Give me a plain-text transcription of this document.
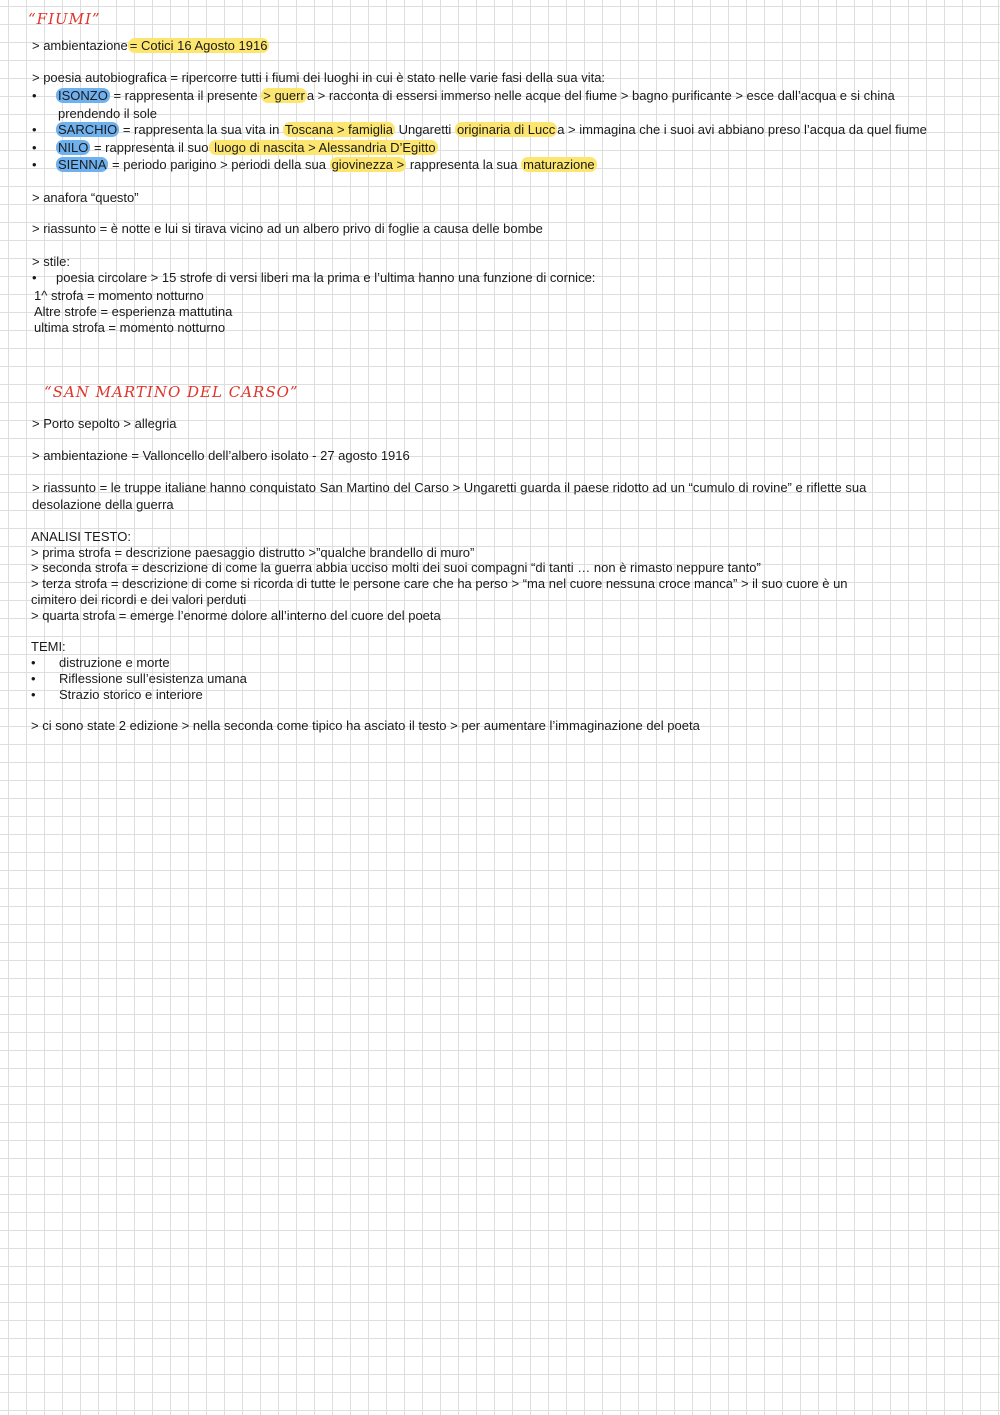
“FIUMI”
> ambientazione = Cotici 16 Agosto 1916
> poesia autobiografica = ripercorre tutti i fiumi dei luoghi in cui è stato nelle varie fasi della sua vita:
• ISONZO = rappresenta il presente > guerr a > racconta di essersi immerso nelle acque del fiume > bagno purificante > esce dall’acqua e si china
prendendo il sole
• SARCHIO = rappresenta la sua vita in Toscana > famiglia Ungaretti originaria di Lucc a > immagina che i suoi avi abbiano preso l’acqua da quel fiume
• NILO = rappresenta il suo luogo di nascita > Alessandria D’Egitto
• SIENNA = periodo parigino > periodi della sua giovinezza > rappresenta la sua maturazione
> anafora “questo”
> riassunto = è notte e lui si tirava vicino ad un albero privo di foglie a causa delle bombe
> stile:
• poesia circolare > 15 strofe di versi liberi ma la prima e l’ultima hanno una funzione di cornice:
1^ strofa = momento notturno
Altre strofe = esperienza mattutina
ultima strofa = momento notturno
“SAN MARTINO DEL CARSO”
> Porto sepolto > allegria
> ambientazione = Valloncello dell’albero isolato - 27 agosto 1916
> riassunto = le truppe italiane hanno conquistato San Martino del Carso > Ungaretti guarda il paese ridotto ad un “cumulo di rovine” e riflette sua
desolazione della guerra
ANALISI TESTO:
> prima strofa = descrizione paesaggio distrutto >”qualche brandello di muro”
> seconda strofa = descrizione di come la guerra abbia ucciso molti dei suoi compagni “di tanti … non è rimasto neppure tanto”
> terza strofa = descrizione di come si ricorda di tutte le persone care che ha perso > “ma nel cuore nessuna croce manca” > il suo cuore è un
cimitero dei ricordi e dei valori perduti
> quarta strofa = emerge l’enorme dolore all’interno del cuore del poeta
TEMI:
• distruzione e morte
• Riflessione sull’esistenza umana
• Strazio storico e interiore
> ci sono state 2 edizione > nella seconda come tipico ha asciato il testo > per aumentare l’immaginazione del poeta
